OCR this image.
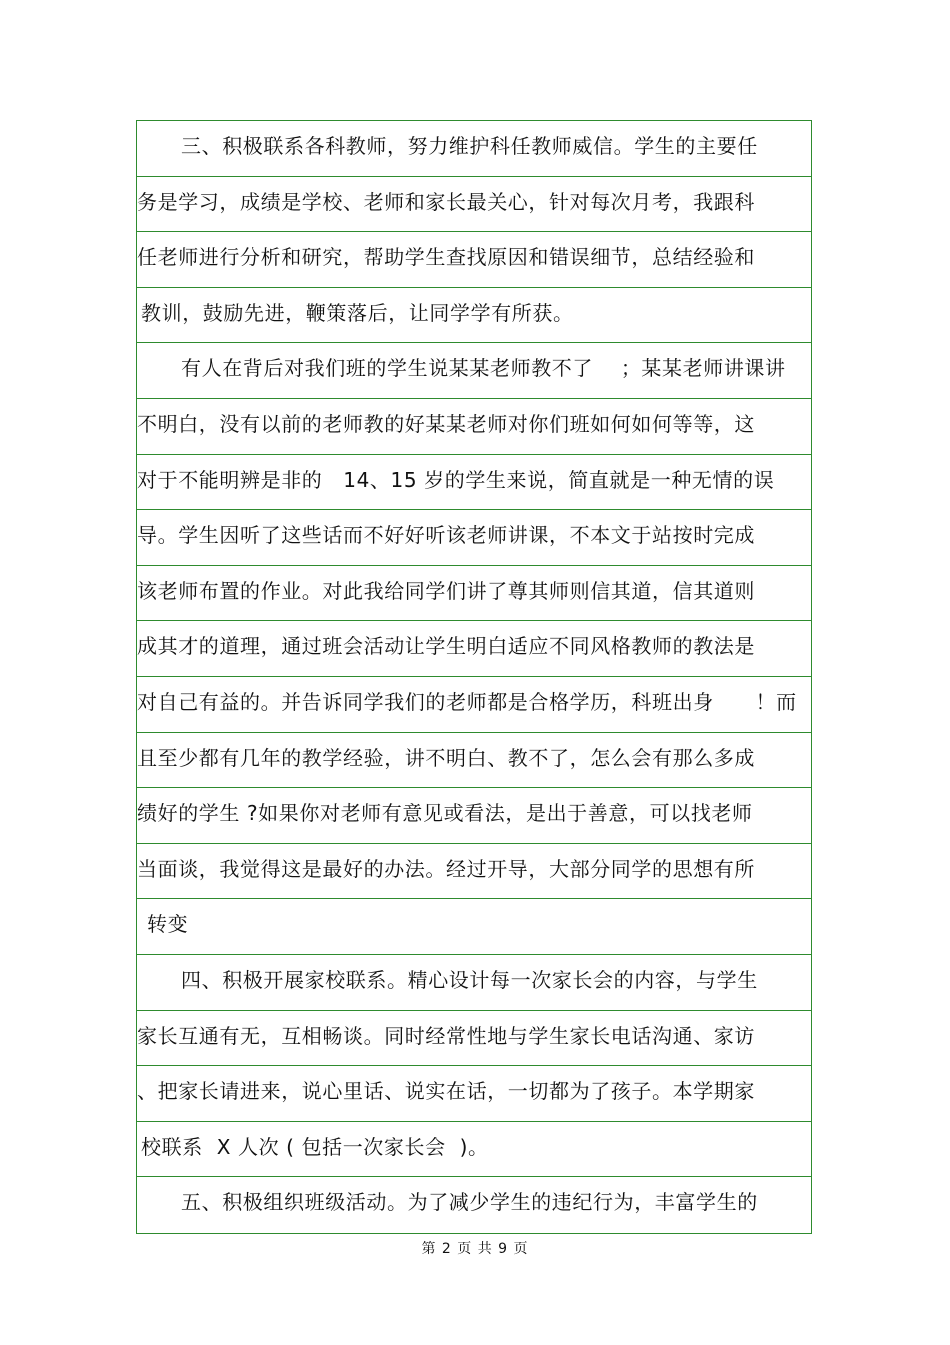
三、积极联系各科教师，努力维护科任教师威信。学生的主要任
务是学习，成绩是学校、老师和家长最关心，针对每次月考，我跟科
任老师进行分析和研究，帮助学生查找原因和错误细节，总结经验和
教训，鼓励先进，鞭策落后，让同学学有所获。
有人在背后对我们班的学生说某某老师教不了    ；某某老师讲课讲
不明白，没有以前的老师教的好某某老师对你们班如何如何等等，这
对于不能明辨是非的   14、15 岁的学生来说，简直就是一种无情的误
导。学生因听了这些话而不好好听该老师讲课，不本文于站按时完成
该老师布置的作业。对此我给同学们讲了尊其师则信其道，信其道则
成其才的道理，通过班会活动让学生明白适应不同风格教师的教法是
对自己有益的。并告诉同学我们的老师都是合格学历，科班出身      ！而
且至少都有几年的教学经验，讲不明白、教不了，怎么会有那么多成
绩好的学生 ?如果你对老师有意见或看法，是出于善意，可以找老师
当面谈，我觉得这是最好的办法。经过开导，大部分同学的思想有所
转变
四、积极开展家校联系。精心设计每一次家长会的内容，与学生
家长互通有无，互相畅谈。同时经常性地与学生家长电话沟通、家访
、把家长请进来，说心里话、说实在话，一切都为了孩子。本学期家
校联系  X 人次 ( 包括一次家长会  )。
五、积极组织班级活动。为了减少学生的违纪行为，丰富学生的
第 2 页 共 9 页
